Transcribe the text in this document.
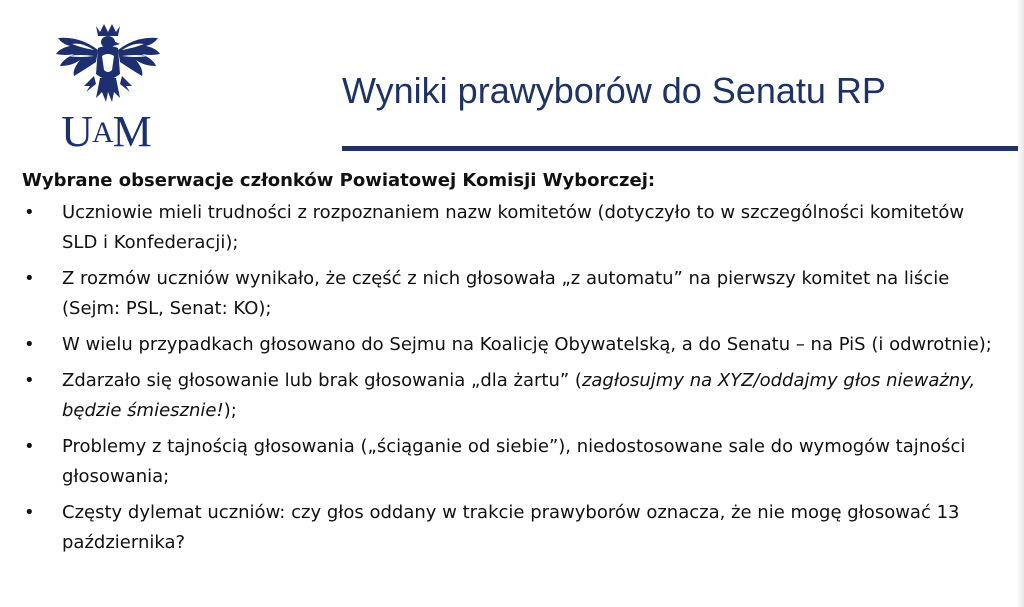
UAM
Wyniki prawyborów do Senatu RP
Wybrane obserwacje członków Powiatowej Komisji Wyborczej:
• Uczniowie mieli trudności z rozpoznaniem nazw komitetów (dotyczyło to w szczególności komitetów SLD i Konfederacji);
• Z rozmów uczniów wynikało, że część z nich głosowała „z automatu” na pierwszy komitet na liście (Sejm: PSL, Senat: KO);
• W wielu przypadkach głosowano do Sejmu na Koalicję Obywatelską, a do Senatu – na PiS (i odwrotnie);
• Zdarzało się głosowanie lub brak głosowania „dla żartu” (zagłosujmy na XYZ/oddajmy głos nieważny, będzie śmiesznie!);
• Problemy z tajnością głosowania („ściąganie od siebie”), niedostosowane sale do wymogów tajności głosowania;
• Częsty dylemat uczniów: czy głos oddany w trakcie prawyborów oznacza, że nie mogę głosować 13 października?
